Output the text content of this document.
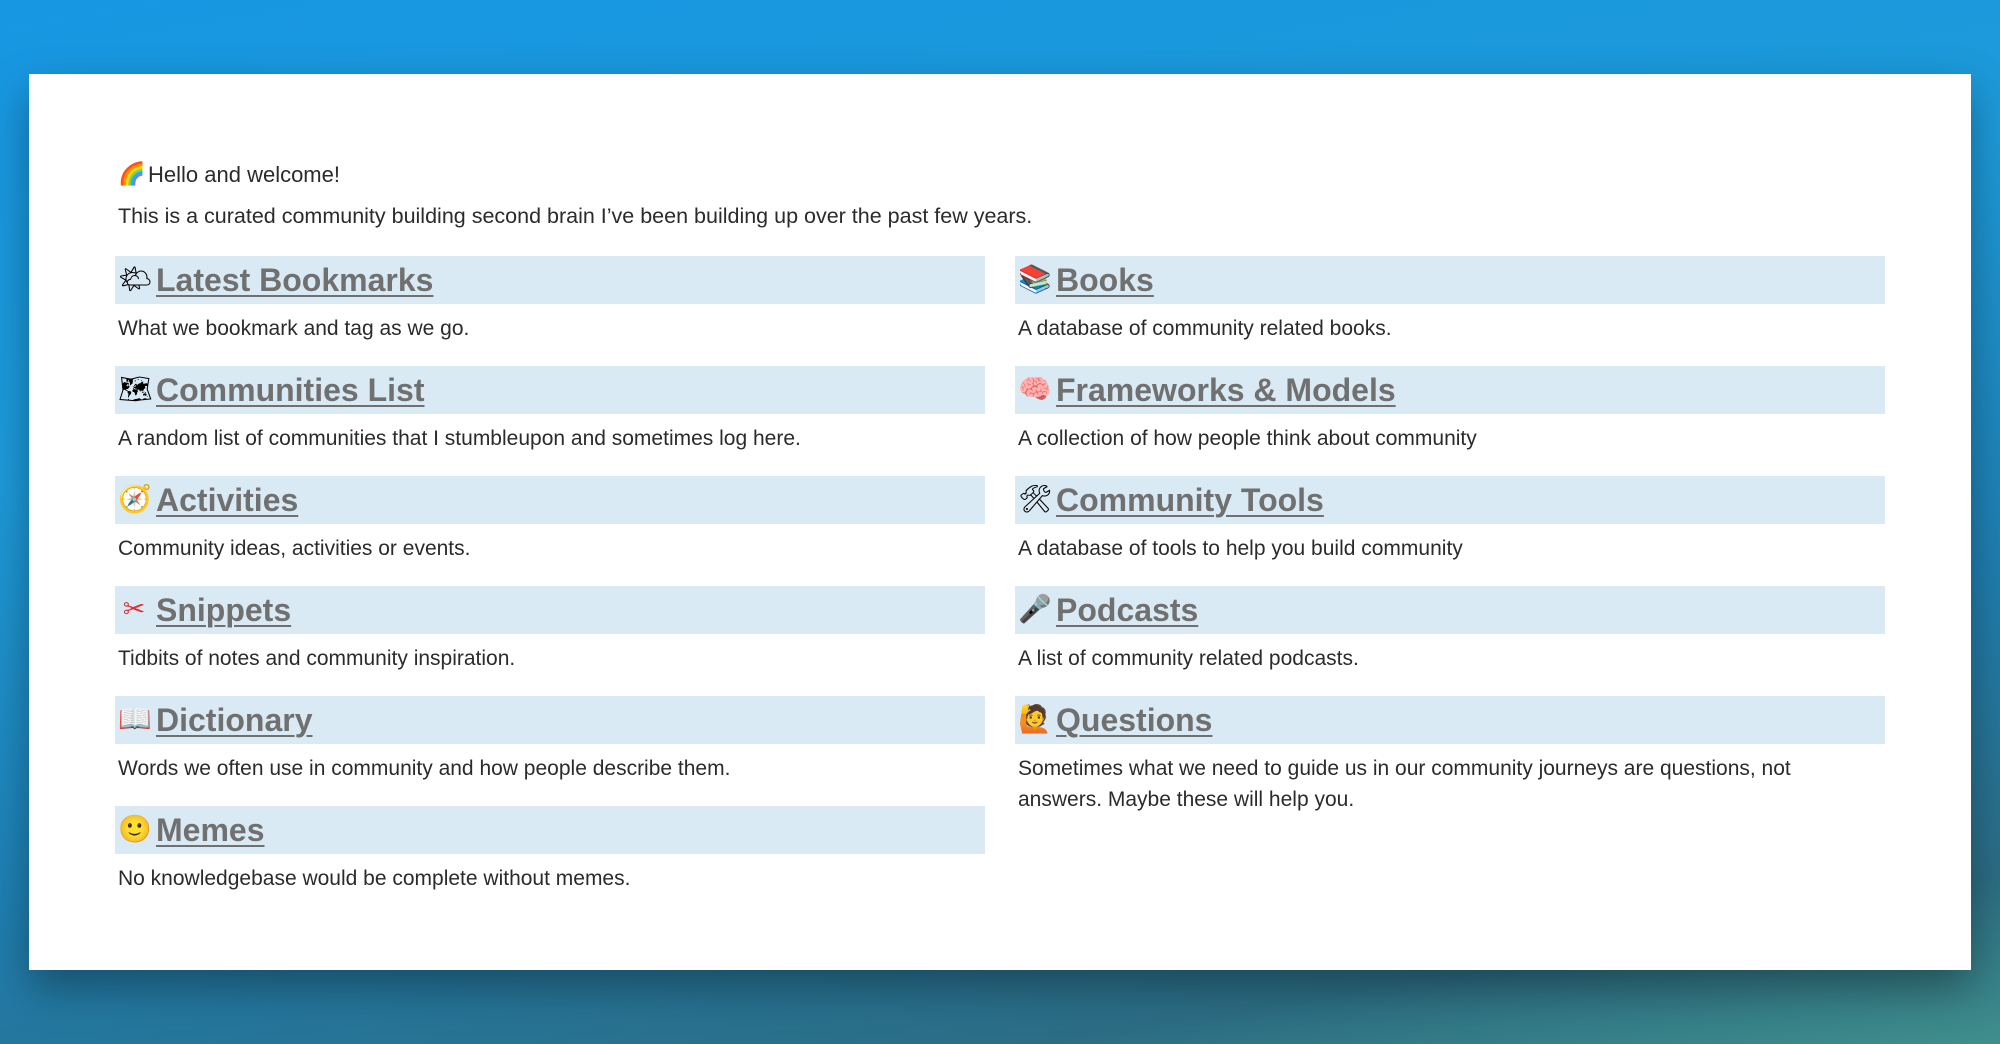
🌈 Hello and welcome!
This is a curated community building second brain I’ve been building up over the past few years.
🌤 Latest Bookmarks
What we bookmark and tag as we go.
🗺 Communities List
A random list of communities that I stumbleupon and sometimes log here.
🧭 Activities
Community ideas, activities or events.
✂ Snippets
Tidbits of notes and community inspiration.
📖 Dictionary
Words we often use in community and how people describe them.
🙂 Memes
No knowledgebase would be complete without memes.
📚 Books
A database of community related books.
🧠 Frameworks & Models
A collection of how people think about community
🛠 Community Tools
A database of tools to help you build community
🎤 Podcasts
A list of community related podcasts.
🙋 Questions
Sometimes what we need to guide us in our community journeys are questions, not answers. Maybe these will help you.
